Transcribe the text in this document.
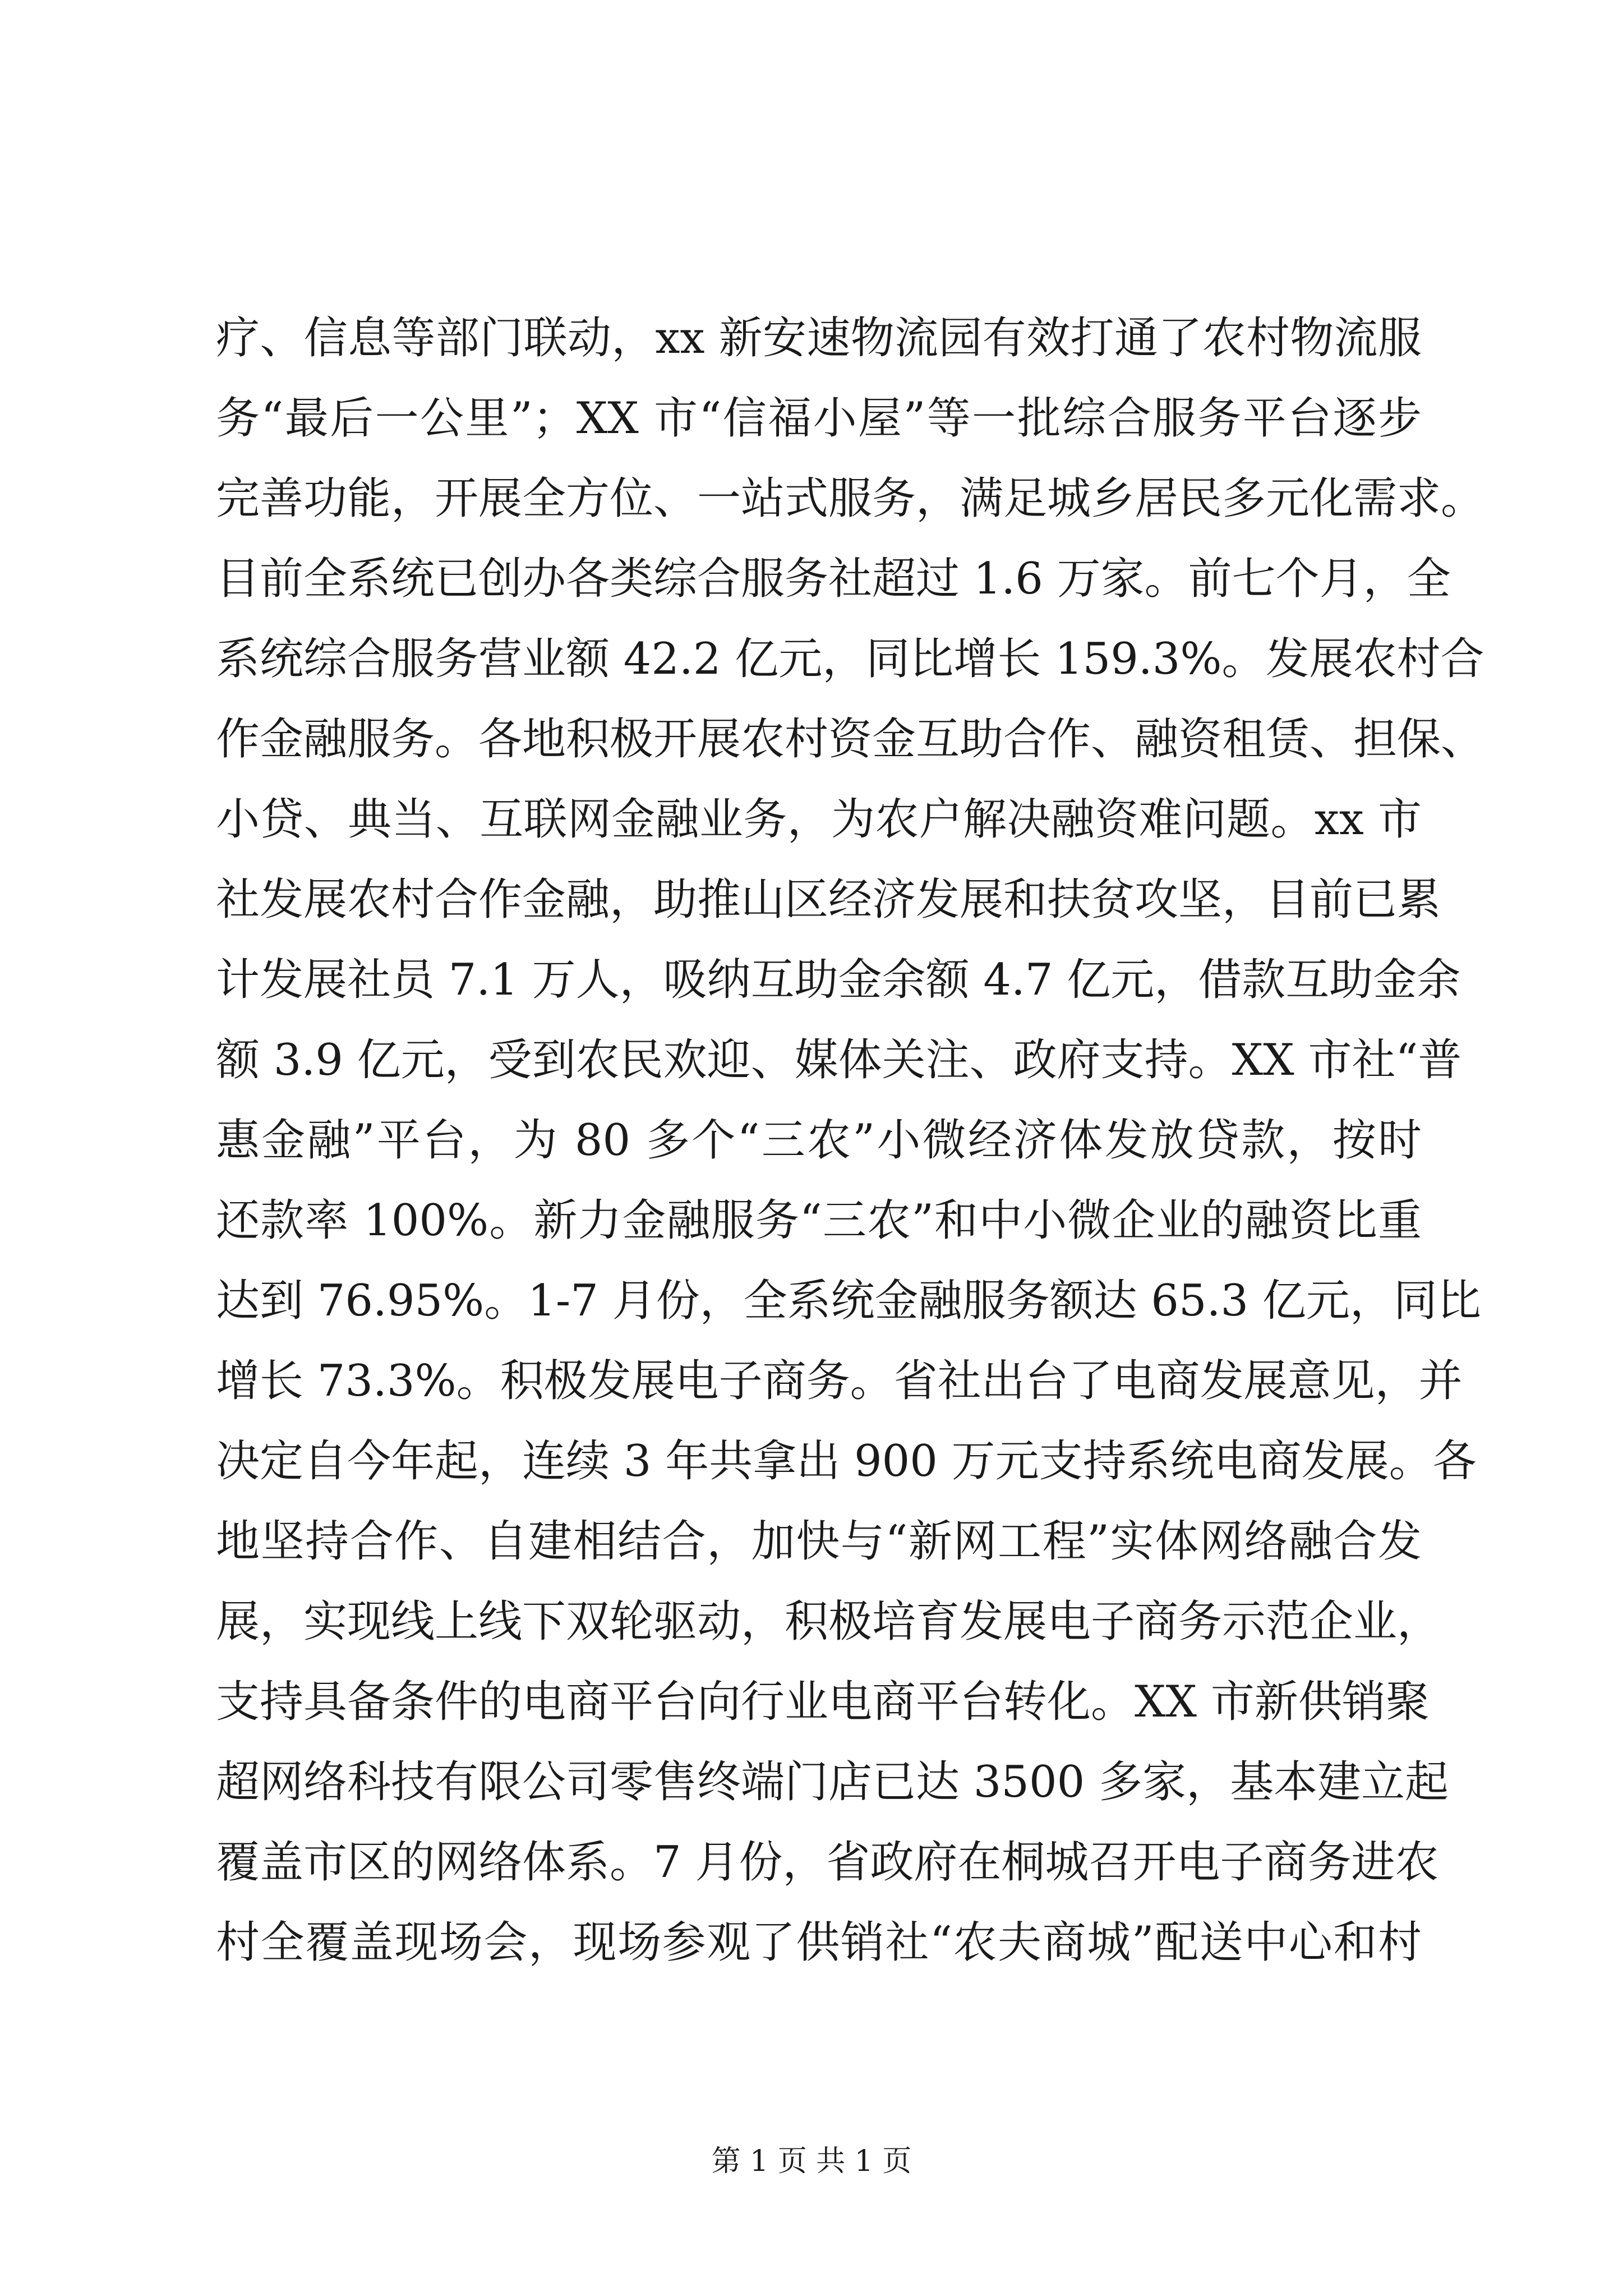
疗、信息等部门联动，xx 新安速物流园有效打通了农村物流服
务“最后一公里”；XX 市“信福小屋”等一批综合服务平台逐步
完善功能，开展全方位、一站式服务，满足城乡居民多元化需求。
目前全系统已创办各类综合服务社超过 1.6 万家。前七个月，全
系统综合服务营业额 42.2 亿元，同比增长 159.3%。发展农村合
作金融服务。各地积极开展农村资金互助合作、融资租赁、担保、
小贷、典当、互联网金融业务，为农户解决融资难问题。xx 市
社发展农村合作金融，助推山区经济发展和扶贫攻坚，目前已累
计发展社员 7.1 万人，吸纳互助金余额 4.7 亿元，借款互助金余
额 3.9 亿元，受到农民欢迎、媒体关注、政府支持。XX 市社“普
惠金融”平台，为 80 多个“三农”小微经济体发放贷款，按时
还款率 100%。新力金融服务“三农”和中小微企业的融资比重
达到 76.95%。1-7 月份，全系统金融服务额达 65.3 亿元，同比
增长 73.3%。积极发展电子商务。省社出台了电商发展意见，并
决定自今年起，连续 3 年共拿出 900 万元支持系统电商发展。各
地坚持合作、自建相结合，加快与“新网工程”实体网络融合发
展，实现线上线下双轮驱动，积极培育发展电子商务示范企业，
支持具备条件的电商平台向行业电商平台转化。XX 市新供销聚
超网络科技有限公司零售终端门店已达 3500 多家，基本建立起
覆盖市区的网络体系。7 月份，省政府在桐城召开电子商务进农
村全覆盖现场会，现场参观了供销社“农夫商城”配送中心和村
第 1 页 共 1 页
